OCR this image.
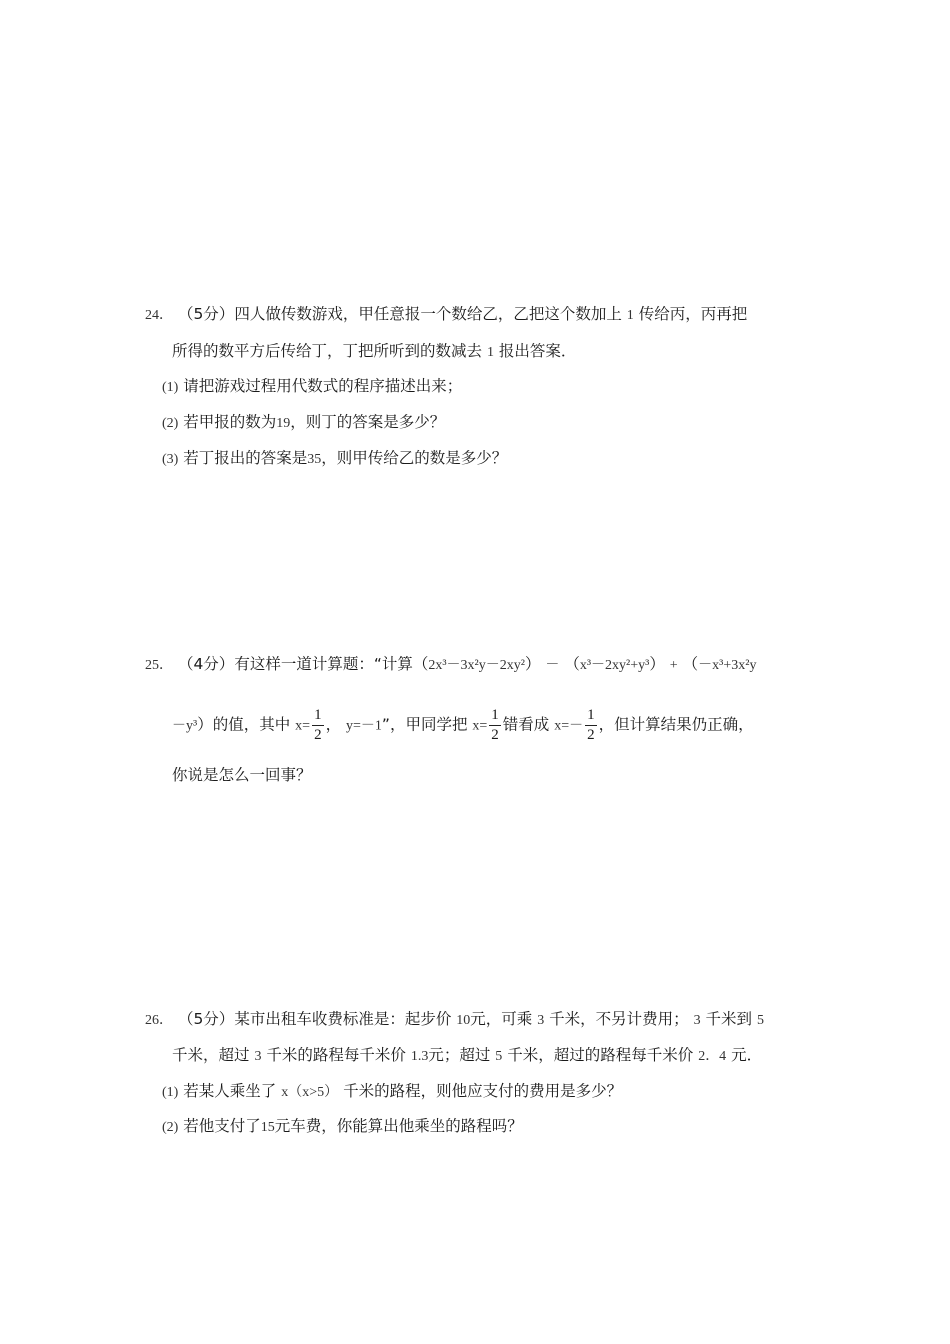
24． （5分）四人做传数游戏，甲任意报一个数给乙，乙把这个数加上 1 传给丙，丙再把
所得的数平方后传给丁，丁把所听到的数减去 1 报出答案．
(1) 请把游戏过程用代数式的程序描述出来；
(2) 若甲报的数为19，则丁的答案是多少？
(3) 若丁报出的答案是35，则甲传给乙的数是多少？
25． （4分）有这样一道计算题：“计算（2x³－3x²y－2xy²） － （x³－2xy²+y³） + （－x³+3x²y
－y³）的值，其中 $x= \frac{1}{2}$ ， y=－1”，甲同学把 $x= \frac{1}{2}$ 错看成 $x=- \frac{1}{2}$ ，但计算结果仍正确，
你说是怎么一回事？
26． （5分）某市出租车收费标准是：起步价 10元，可乘 3 千米，不另计费用； 3 千米到 5
千米，超过 3 千米的路程每千米价 1.3元；超过 5 千米，超过的路程每千米价 2．4 元．
(1) 若某人乘坐了 x（x>5） 千米的路程，则他应支付的费用是多少？
(2) 若他支付了15元车费，你能算出他乘坐的路程吗？
